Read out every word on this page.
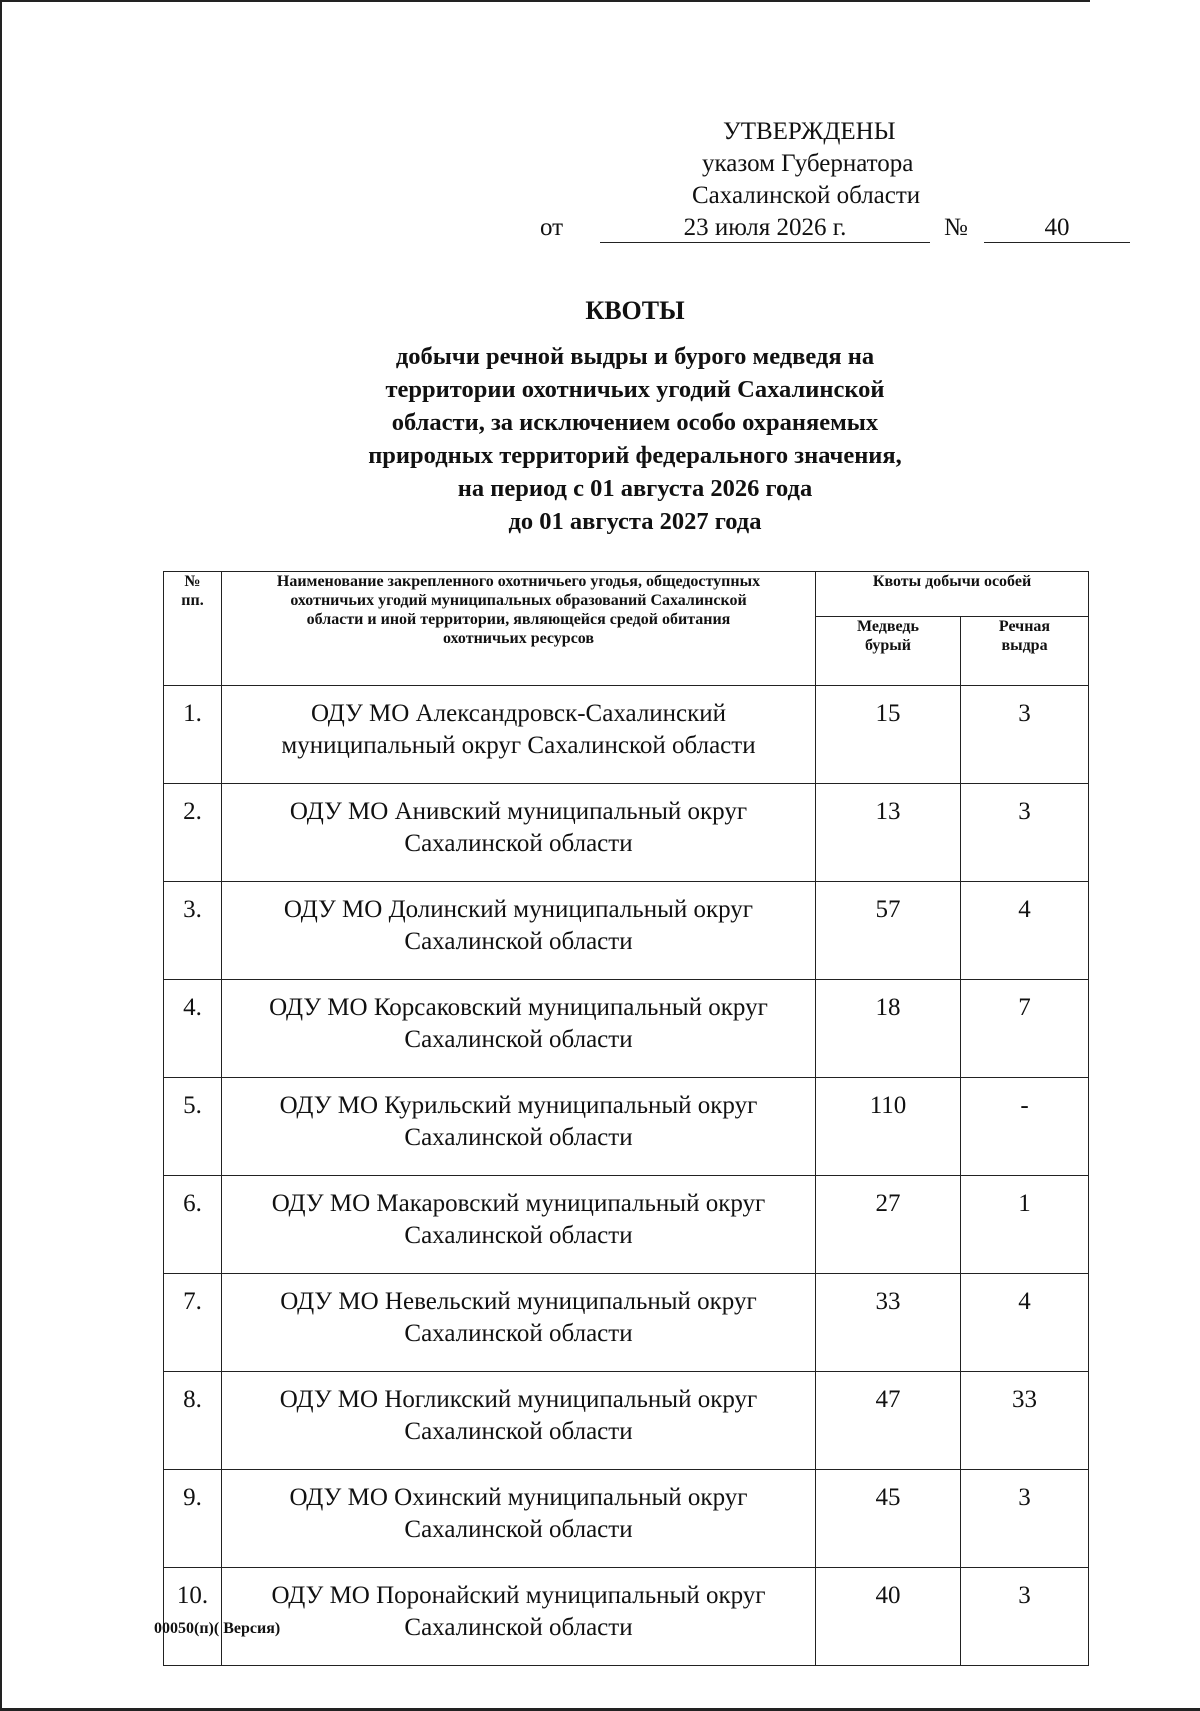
УТВЕРЖДЕНЫ
указом Губернатора
Сахалинской области
от	23 июля 2026 г.	№	40
КВОТЫ
добычи речной выдры и бурого медведя на
территории охотничьих угодий Сахалинской
области, за исключением особо охраняемых
природных территорий федерального значения,
на период с 01 августа 2026 года
до 01 августа 2027 года
№ пп.	Наименование закрепленного охотничьего угодья, общедоступных охотничьих угодий муниципальных образований Сахалинской области и иной территории, являющейся средой обитания охотничьих ресурсов	Квоты добычи особей	

		Медведь бурый	Речная выдра

1.	ОДУ МО Александровск-Сахалинский муниципальный округ Сахалинской области	15	3
2.	ОДУ МО Анивский муниципальный округ Сахалинской области	13	3
3.	ОДУ МО Долинский муниципальный округ Сахалинской области	57	4
4.	ОДУ МО Корсаковский муниципальный округ Сахалинской области	18	7
5.	ОДУ МО Курильский муниципальный округ Сахалинской области	110	-
6.	ОДУ МО Макаровский муниципальный округ Сахалинской области	27	1
7.	ОДУ МО Невельский муниципальный округ Сахалинской области	33	4
8.	ОДУ МО Ногликский муниципальный округ Сахалинской области	47	33
9.	ОДУ МО Охинский муниципальный округ Сахалинской области	45	3
10.	ОДУ МО Поронайский муниципальный округ Сахалинской области	40	3
00050(п)( Версия)
